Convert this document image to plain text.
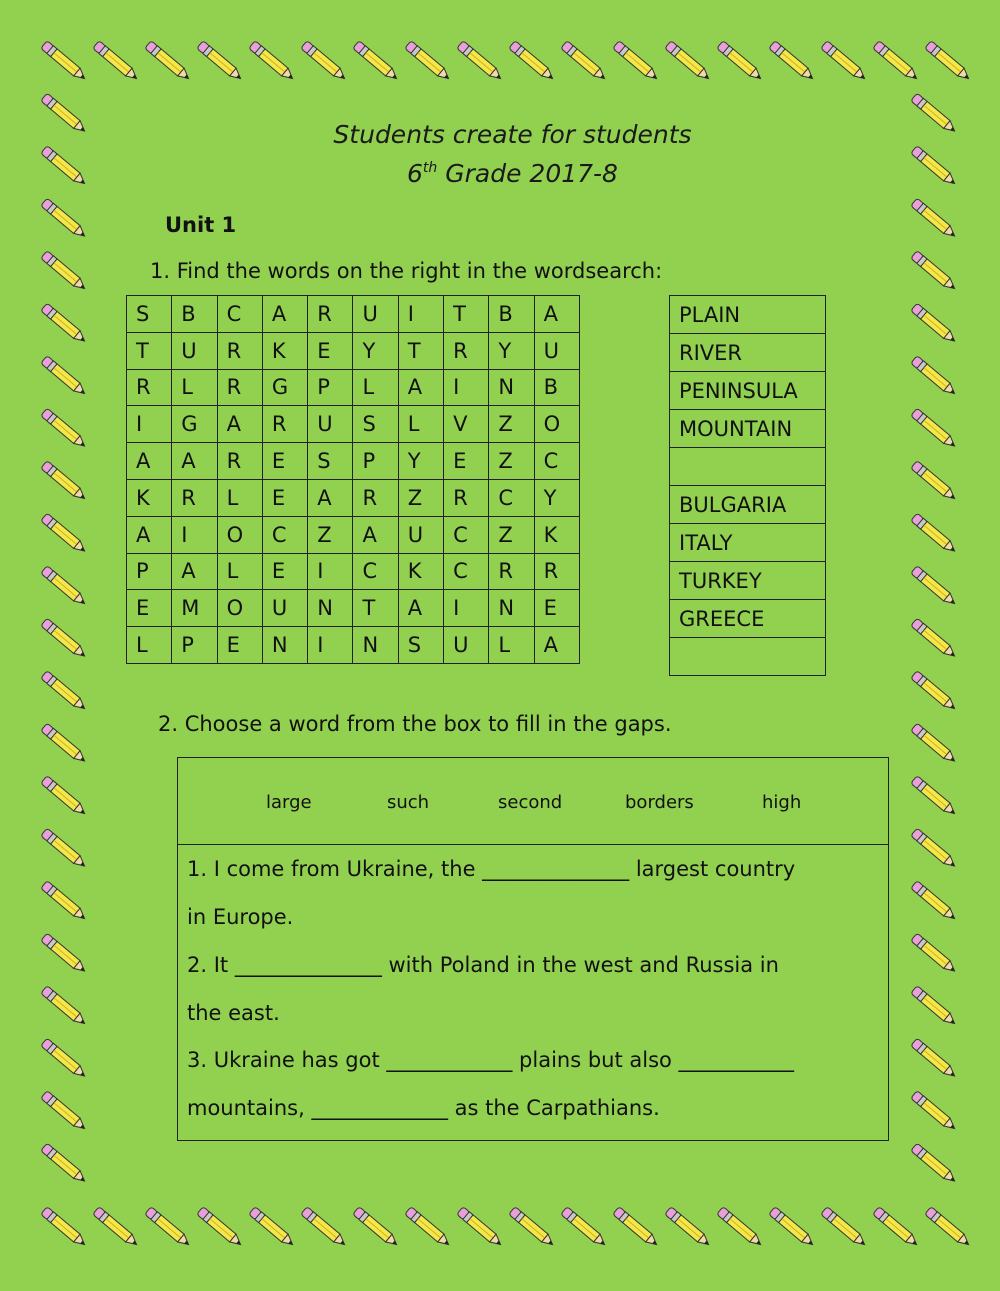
Students create for students
6th Grade 2017-8
Unit 1
1. Find the words on the right in the wordsearch:
S	B	C	A	R	U	I	T	B	A
T	U	R	K	E	Y	T	R	Y	U
R	L	R	G	P	L	A	I	N	B
I	G	A	R	U	S	L	V	Z	O
A	A	R	E	S	P	Y	E	Z	C
K	R	L	E	A	R	Z	R	C	Y
A	I	O	C	Z	A	U	C	Z	K
P	A	L	E	I	C	K	C	R	R
E	M	O	U	N	T	A	I	N	E
L	P	E	N	I	N	S	U	L	A
PLAIN
RIVER
PENINSULA
MOUNTAIN

BULGARIA
ITALY
TURKEY
GREECE

2. Choose a word from the box to fill in the gaps.
large	such	second	borders	high
1. I come from Ukraine, the ______________ largest country
in Europe.
2. It ______________ with Poland in the west and Russia in
the east.
3. Ukraine has got ____________ plains but also ___________
mountains, _____________ as the Carpathians.
